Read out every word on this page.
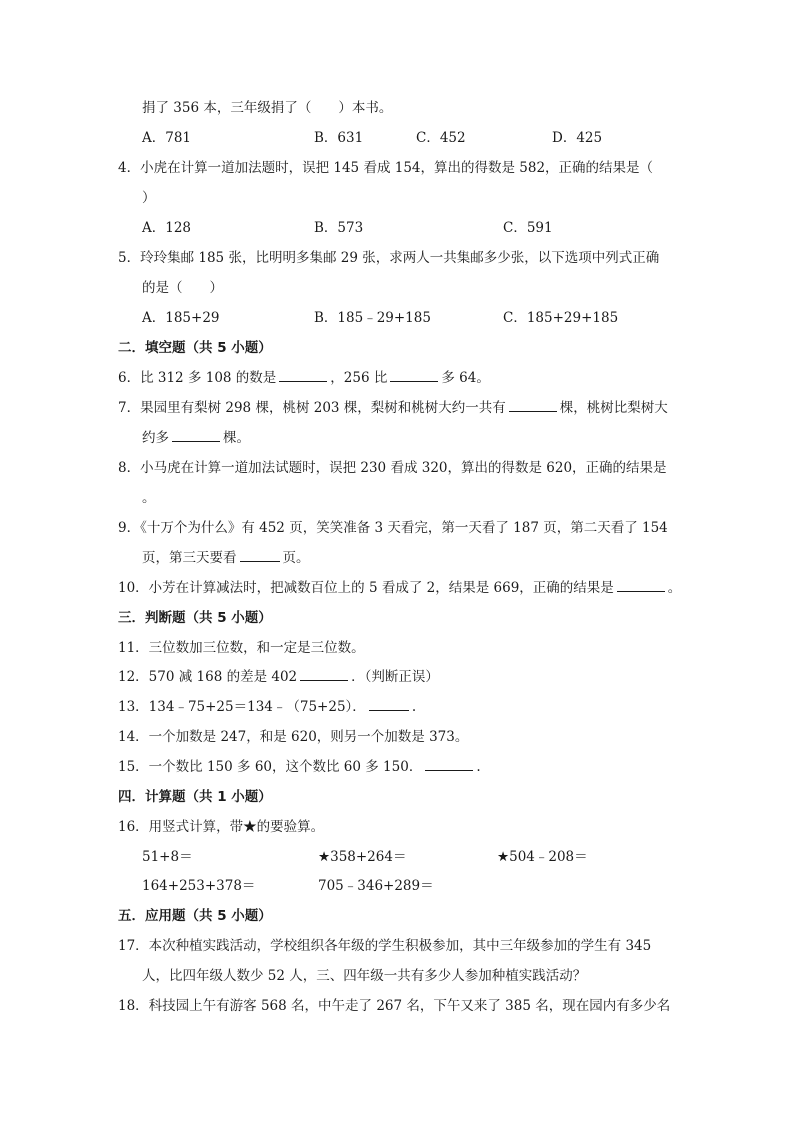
捐了 356 本，三年级捐了（　　）本书。
A．781	B．631	C．452	D．425
4．小虎在计算一道加法题时，误把 145 看成 154，算出的得数是 582，正确的结果是（
）
A．128	B．573	C．591
5．玲玲集邮 185 张，比明明多集邮 29 张，求两人一共集邮多少张，以下选项中列式正确
的是（　　）
A．185+29	B．185﹣29+185	C．185+29+185
二．填空题（共 5 小题）
6．比 312 多 108 的数是	，256 比	多 64。
7．果园里有梨树 298 棵，桃树 203 棵，梨树和桃树大约一共有	棵，桃树比梨树大
约多	棵。
8．小马虎在计算一道加法试题时，误把 230 看成 320，算出的得数是 620，正确的结果是
。
9．《十万个为什么》有 452 页，笑笑准备 3 天看完，第一天看了 187 页，第二天看了 154
页，第三天要看	页。
10．小芳在计算减法时，把减数百位上的 5 看成了 2，结果是 669，正确的结果是	。
三．判断题（共 5 小题）
11．三位数加三位数，和一定是三位数。
12．570 减 168 的差是 402	．（判断正误）
13．134﹣75+25＝134﹣（75+25）．	.
14．一个加数是 247，和是 620，则另一个加数是 373。
15．一个数比 150 多 60，这个数比 60 多 150．	.
四．计算题（共 1 小题）
16．用竖式计算，带★的要验算。
51+8＝	★358+264＝	★504﹣208＝
164+253+378＝	705﹣346+289＝
五．应用题（共 5 小题）
17．本次种植实践活动，学校组织各年级的学生积极参加，其中三年级参加的学生有 345
人，比四年级人数少 52 人，三、四年级一共有多少人参加种植实践活动？
18．科技园上午有游客 568 名，中午走了 267 名，下午又来了 385 名，现在园内有多少名
